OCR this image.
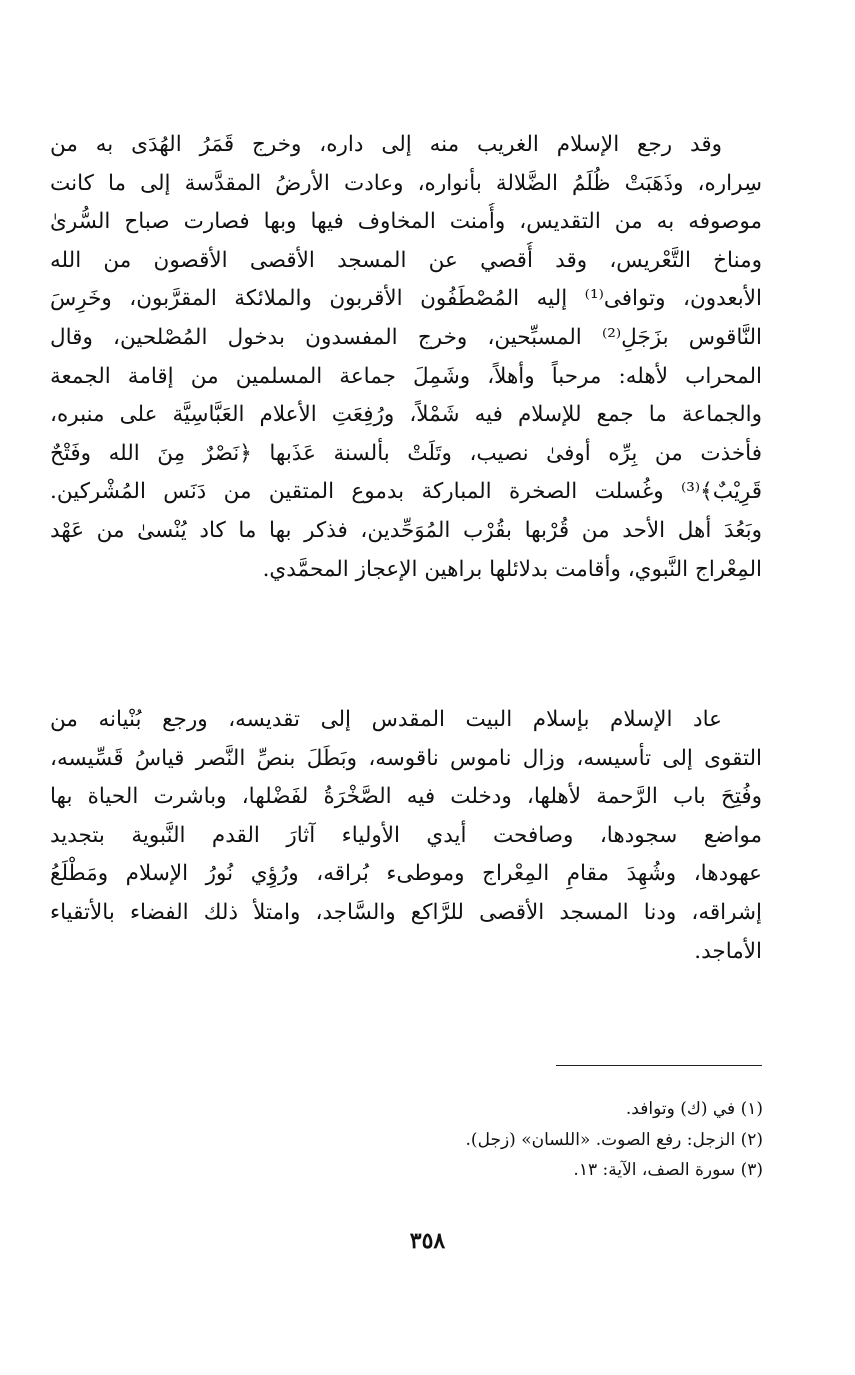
وقد رجع الإسلام الغريب منه إلى داره، وخرج قَمَرُ الهُدَى به من
سِراره، وذَهَبَتْ ظُلَمُ الضَّلالة بأنواره، وعادت الأرضُ المقدَّسة إلى ما كانت
موصوفه به من التقديس، وأُمنت المخاوف فيها وبها فصارت صباح السُّرىٰ
ومناخ التَّعْريس، وقد أُقصي عن المسجد الأقصى الأقصون من الله
الأبعدون، وتوافى⁽¹⁾ إليه المُصْطَفُون الأقربون والملائكة المقرَّبون، وخَرِسَ
النَّاقوس بزَجَلِ⁽²⁾ المسبِّحين، وخرج المفسدون بدخول المُصْلحين، وقال
المحراب لأهله: مرحباً وأهلاً، وشَمِلَ جماعة المسلمين من إقامة الجمعة
والجماعة ما جمع للإسلام فيه شَمْلاً، ورُفِعَتِ الأعلام العَبَّاسِيَّة على منبره،
فأخذت من بِرِّه أوفىٰ نصيب، وتَلَتْ بألسنة عَذَبها ﴿نَصْرٌ مِنَ الله وفَتْحٌ
قَرِيْبٌ﴾⁽³⁾ وغُسلت الصخرة المباركة بدموع المتقين من دَنَس المُشْركين.
وبَعُدَ أهل الأحد من قُرْبها بقُرْب المُوَحِّدين، فذكر بها ما كاد يُنْسىٰ من عَهْد
المِعْراج النَّبوي، وأقامت بدلائلها براهين الإعجاز المحمَّدي.
عاد الإسلام بإسلام البيت المقدس إلى تقديسه، ورجع بُنْيانه من
التقوى إلى تأسيسه، وزال ناموس ناقوسه، وبَطَلَ بنصِّ النَّصر قياسُ قَسِّيسه،
وفُتِحَ باب الرَّحمة لأهلها، ودخلت فيه الصَّخْرَةُ لفَضْلها، وباشرت الحياة بها
مواضع سجودها، وصافحت أيدي الأولياء آثارَ القدم النَّبوية بتجديد
عهودها، وشُهِدَ مقامِ المِعْراج وموطىء بُراقه، ورُؤِي نُورُ الإسلام ومَطْلَعُ
إشراقه، ودنا المسجد الأقصى للرَّاكع والسَّاجد، وامتلأ ذلك الفضاء بالأتقياء
الأماجد.
(١) في (ك) وتوافد.
(٢) الزجل: رفع الصوت. «اللسان» (زجل).
(٣) سورة الصف، الآية: ١٣.
٣٥٨
